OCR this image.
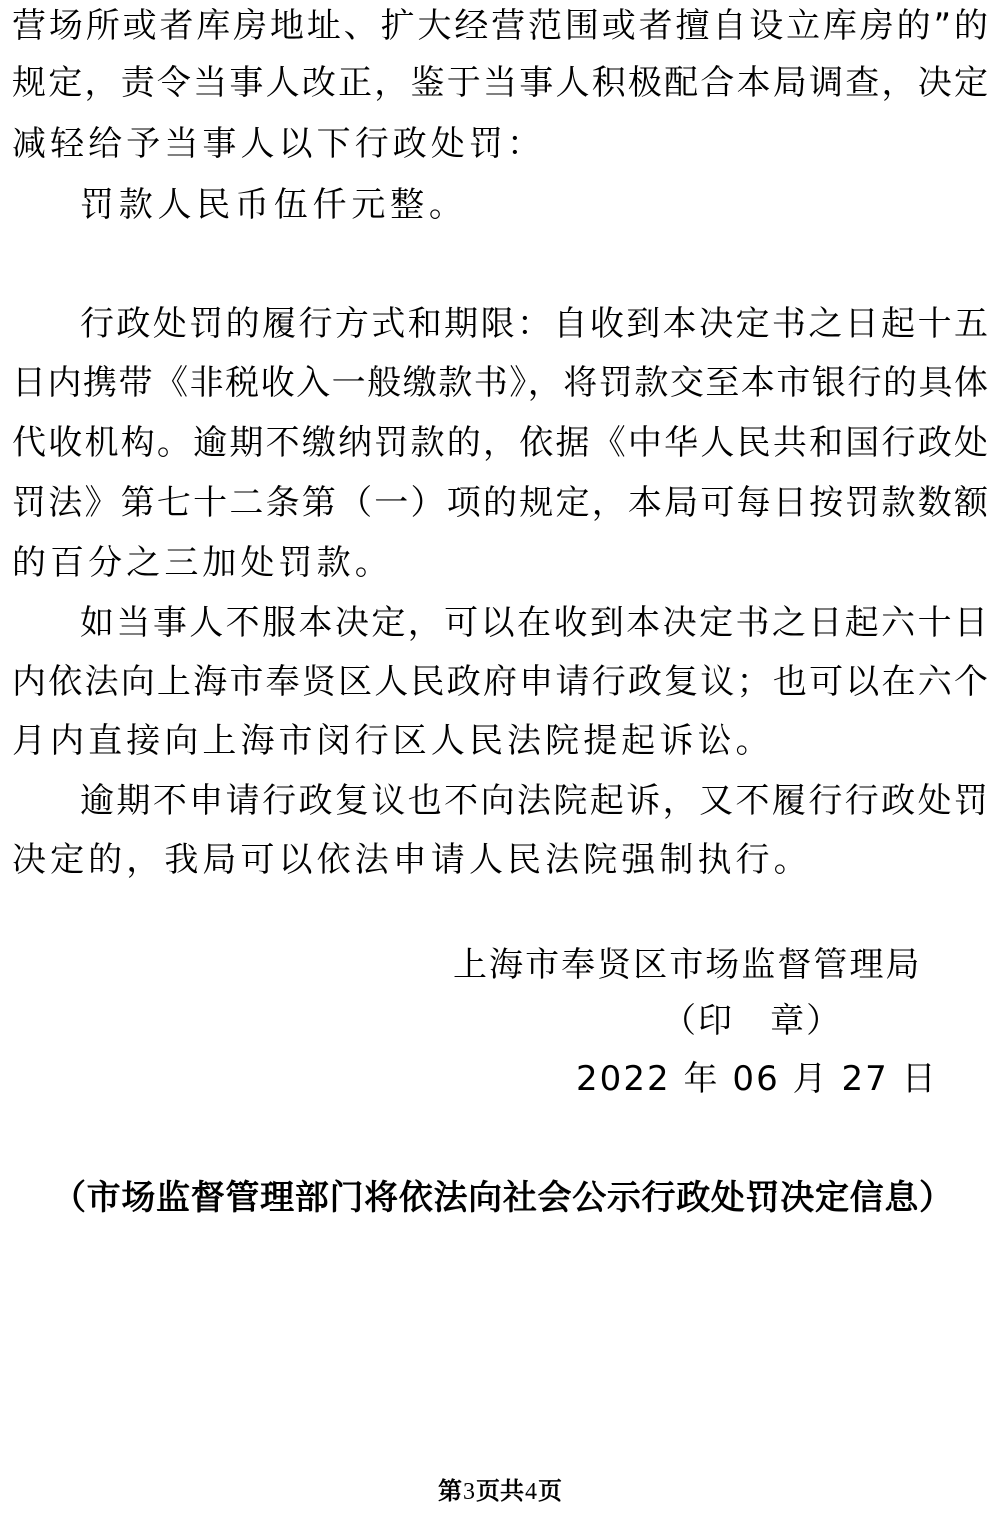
营场所或者库房地址、扩大经营范围或者擅自设立库房的”的
规定，责令当事人改正，鉴于当事人积极配合本局调查，决定
减轻给予当事人以下行政处罚：
罚款人民币伍仟元整。
行政处罚的履行方式和期限：自收到本决定书之日起十五
日内携带《非税收入一般缴款书》，将罚款交至本市银行的具体
代收机构。逾期不缴纳罚款的，依据《中华人民共和国行政处
罚法》第七十二条第（一）项的规定，本局可每日按罚款数额
的百分之三加处罚款。
如当事人不服本决定，可以在收到本决定书之日起六十日
内依法向上海市奉贤区人民政府申请行政复议；也可以在六个
月内直接向上海市闵行区人民法院提起诉讼。
逾期不申请行政复议也不向法院起诉，又不履行行政处罚
决定的，我局可以依法申请人民法院强制执行。
上海市奉贤区市场监督管理局
（印　章）
2022 年 06 月 27 日
（市场监督管理部门将依法向社会公示行政处罚决定信息）
第3页共4页
